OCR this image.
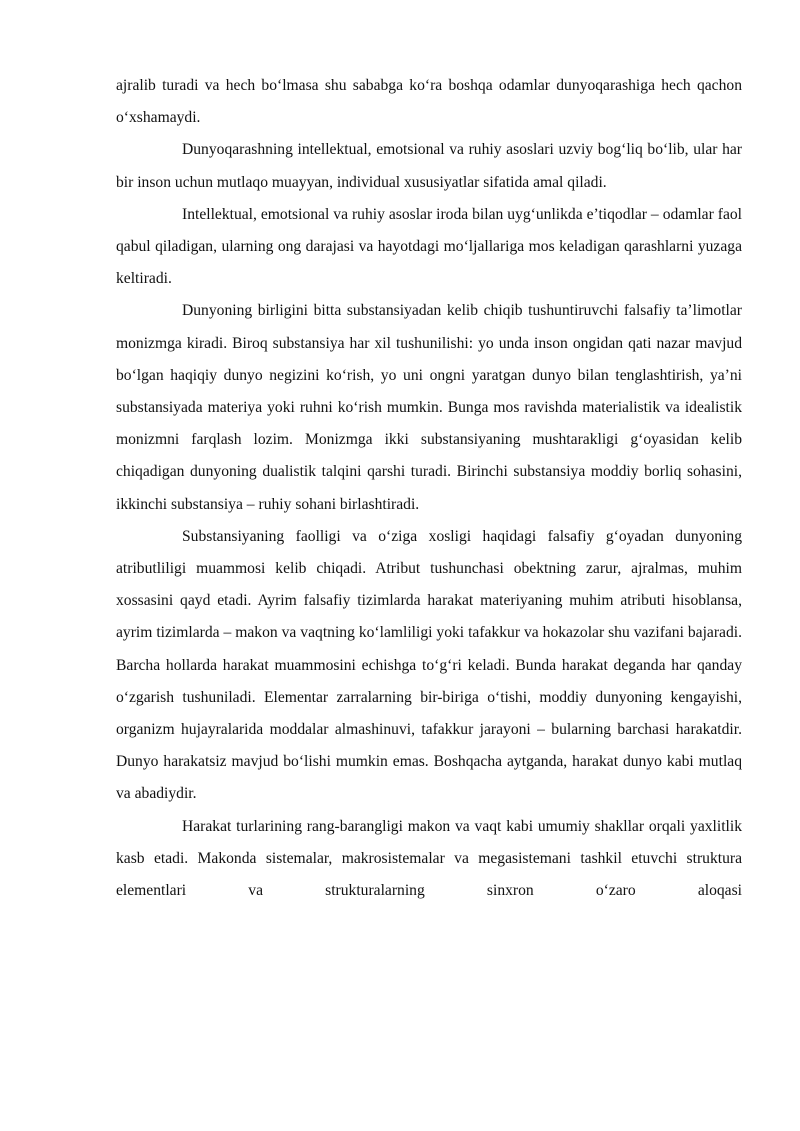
ajralib turadi va hech bo‘lmasa shu sababga ko‘ra boshqa odamlar dunyoqarashiga hech qachon o‘xshamaydi.

Dunyoqarashning intellektual, emotsional va ruhiy asoslari uzviy bog‘liq bo‘lib, ular har bir inson uchun mutlaqo muayyan, individual xususiyatlar sifatida amal qiladi.

Intellektual, emotsional va ruhiy asoslar iroda bilan uyg‘unlikda e’tiqodlar – odamlar faol qabul qiladigan, ularning ong darajasi va hayotdagi mo‘ljallariga mos keladigan qarashlarni yuzaga keltiradi.

Dunyoning birligini bitta substansiyadan kelib chiqib tushuntiruvchi falsafiy ta’limotlar monizmga kiradi. Biroq substansiya har xil tushunilishi: yo unda inson ongidan qati nazar mavjud bo‘lgan haqiqiy dunyo negizini ko‘rish, yo uni ongni yaratgan dunyo bilan tenglashtirish, ya’ni substansiyada materiya yoki ruhni ko‘rish mumkin. Bunga mos ravishda materialistik va idealistik monizmni farqlash lozim. Monizmga ikki substansiyaning mushtarakligi g‘oyasidan kelib chiqadigan dunyoning dualistik talqini qarshi turadi. Birinchi substansiya moddiy borliq sohasini, ikkinchi substansiya – ruhiy sohani birlashtiradi.

Substansiyaning faolligi va o‘ziga xosligi haqidagi falsafiy g‘oyadan dunyoning atributliligi muammosi kelib chiqadi. Atribut tushunchasi obektning zarur, ajralmas, muhim xossasini qayd etadi. Ayrim falsafiy tizimlarda harakat materiyaning muhim atributi hisoblansa, ayrim tizimlarda – makon va vaqtning ko‘lamliligi yoki tafakkur va hokazolar shu vazifani bajaradi. Barcha hollarda harakat muammosini echishga to‘g‘ri keladi. Bunda harakat deganda har qanday o‘zgarish tushuniladi. Elementar zarralarning bir-biriga o‘tishi, moddiy dunyoning kengayishi, organizm hujayralarida moddalar almashinuvi, tafakkur jarayoni – bularning barchasi harakatdir. Dunyo harakatsiz mavjud bo‘lishi mumkin emas. Boshqacha aytganda, harakat dunyo kabi mutlaq va abadiydir.

Harakat turlarining rang-barangligi makon va vaqt kabi umumiy shakllar orqali yaxlitlik kasb etadi. Makonda sistemalar, makrosistemalar va megasistemani tashkil etuvchi struktura elementlari va strukturalarning sinxron o‘zaro aloqasi
